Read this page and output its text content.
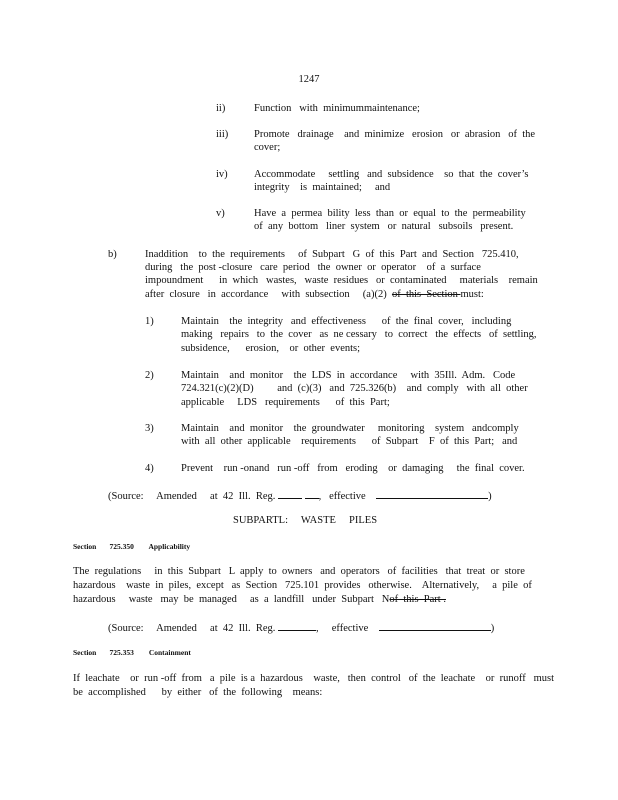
1247
ii)	Function   with  minimummaintenance;
iii) Promote   drainage    and  minimize   erosion   or  abrasion   of  the
cover;
iv)	Accommodate     settling   and  subsidence    so  that  the  cover’s
integrity    is  maintained;     and
v)	Have  a  permea  bility  less  than  or  equal  to  the  permeability
of  any  bottom   liner  system   or  natural   subsoils   present.
b)	Inaddition    to  the  requirements     of  Subpart   G  of  this  Part  and  Section   725.410,
during   the  post -closure   care  period   the  owner  or  operator    of  a  surface
impoundment      in  which   wastes,   waste  residues   or  contaminated     materials    remain
after  closure   in  accordance     with  subsection     (a)(2)  of  this  Section must:
1)	Maintain    the  integrity   and  effectiveness      of  the  final  cover,   including
making   repairs   to  the  cover   as  ne cessary   to  correct   the  effects   of  settling,
subsidence,      erosion,    or  other  events;
2)	Maintain    and  monitor    the  LDS  in  accordance     with  35Ill.  Adm.   Code
724.321(c)(2)(D)         and  (c)(3)   and  725.326(b)    and  comply   with  all  other
applicable     LDS   requirements      of  this  Part;
3)	Maintain    and  monitor    the  groundwater     monitoring    system   andcomply
with  all  other  applicable    requirements      of  Subpart    F  of  this  Part;   and
4)	Prevent    run -onand   run -off   from   eroding    or  damaging     the  final  cover.
(Source:     Amended     at  42  Ill.  Reg.	, effective	)
SUBPARTL:     WASTE     PILES
Section 725.350 Applicability
The  regulations     in  this  Subpart   L  apply  to  owners   and  operators   of  facilities   that  treat  or  store
hazardous    waste  in  piles,  except   as  Section   725.101  provides   otherwise.    Alternatively,     a  pile  of
hazardous     waste   may  be  managed     as  a  landfill   under  Subpart   Nof  this  Part .
(Source:     Amended     at  42  Ill.  Reg.	, effective	)
Section 725.353 Containment
If  leachate    or  run -off  from   a  pile  is a  hazardous    waste,   then  control   of  the  leachate    or  runoff   must
be  accomplished      by  either   of  the  following    means:
